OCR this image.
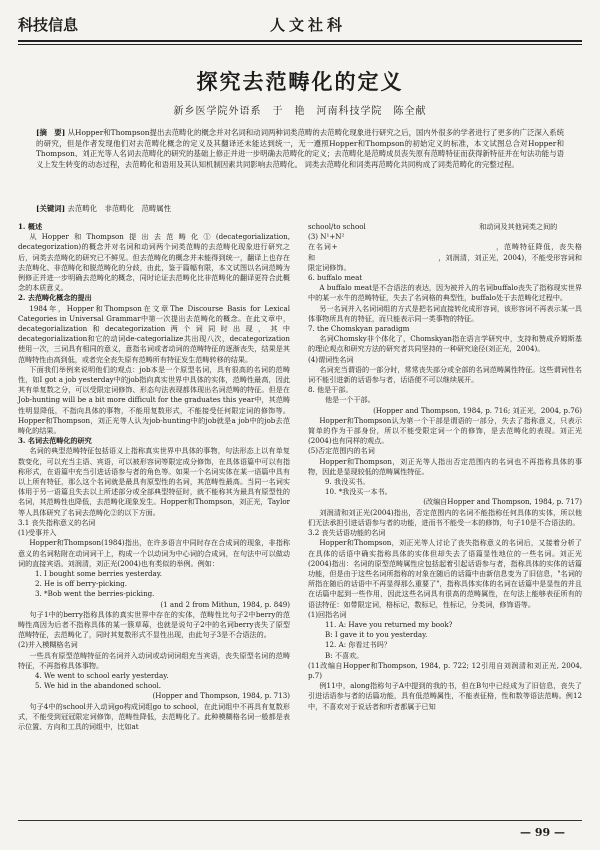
科技信息	人文社科
探究去范畴化的定义
新乡医学院外语系　于　艳　河南科技学院　陈全献
[摘　要] 从Hopper和Thompson提出去范畴化的概念并对名词和动词两种词类范畴的去范畴化现象进行研究之后，国内外很多的学者进行了更多的广泛深入系统的研究，但是作者发现他们对去范畴化概念的定义及其翻译还未能达到统一，无一遵照Hopper和Thompson的初始定义的标准，本文试图总合对Hopper和Thompson、刘正光等人名词去范畴化的研究的基础上修正并进一步明确去范畴化的定义；去范畴化是范畴成员丧失原有范畴特征而获得新特征并在句法功能与语义上发生转变的动态过程，去范畴化和语用及其认知机制因素共同影响去范畴化。 词类去范畴化和词类再范畴化共同构成了词类范畴化的完整过程。
[关键词] 去范畴化　非范畴化　范畴属性

1. 概述

从Hopper和Thompson提出去范畴化①(decategorialization, decategorization)的概念并对名词和动词两个词类范畴的去范畴化现象进行研究之后，词类去范畴化的研究已不鲜见。但去范畴化的概念并未能得到统一，翻译上也存在去范畴化、非范畴化和脱范畴化的分歧，由此，鉴于篇幅有限，本文试图以名词范畴为例修正并进一步明确去范畴化的概念，同时论证去范畴化比非范畴化的翻译更符合此概念的本质意义。

2. 去范畴化概念的提出

1984年，Hopper和Thompson在文章The Discourse Basis for Lexical Categories in Universal Grammar中第一次提出去范畴化的概念。在此文章中，decategorialization和decategorization两个词同时出现，其中decategorialization和它的动词de-categorialize共出现八次，decategorization使用一次，三词具有相同的意义，意指名词或者动词的范畴特征的逐渐丧失，结果是其范畴特性由高到低，或者完全丧失原有范畴所有特征发生范畴转移的结果。

下面我们举例来说明他们的观点：job本是一个原型名词，具有很高的名词的范畴性，如I got a job yesterday中的job指向真实世界中具体的实体，范畴性最高，因此其有单复数之分，可以受限定词修饰、形态句法表现都体现出名词范畴的特征。但是在Job-hunting will be a bit more difficult for the graduates this year中，其范畴性明显降低，不指向具体的事物，不能用复数形式，不能接受任何限定词的修饰等。Hopper和Thompson，刘正光等人认为job-hunting中的job就是a job中的job去范畴化的结果。

3. 名词去范畴化的研究

名词的典型范畴特征包括语义上指称真实世界中具体的事物，句法形态上以有单复数变化，可以充当主语、宾语，可以被形容词等限定成分修饰，在具体语篇中可以有指称形式，在语篇中充当引进话语参与者的角色等。如果一个名词实体在某一语篇中具有以上所有特征，那么这个名词就是最具有原型性的名词，其范畴性最高。当同一名词实体用于另一语篇且失去以上所述部分或全部典型特征时，就不能称其为最具有原型性的名词，其范畴性也降低，去范畴化现象发生。Hopper和Thompson，刘正光，Taylor等人具体研究了名词去范畴化②的以下方面。

3.1 丧失指称意义的名词

(1)受事并入

Hopper和Thompson(1984)指出，在许多语言中同时存在合成词的现象，非指称意义的名词粘附在动词词干上，构成一个以动词为中心词的合成词，在句法中可以做动词的直接宾语。刘润清，刘正光(2004)也有类似的举例。例如：

1. I bought some berries yesterday.

2. He is off berry-picking.

3. *Bob went the berries-picking.

(1 and 2 from Mithun, 1984, p. 849)

句子1中的berry指称具体的真实世界中存在的实体，范畴性比句子2中berry的范畴性高因为后者不指称具体的某一簇草莓，也就是说句子2中的名词berry丧失了原型范畴特征，去范畴化了，同时其复数形式不显性出现，由此句子3是不合语法的。

(2)并入模糊格名词

一些具有原型范畴特征的名词并入动词或动词词组充当宾语，丧失原型名词的范畴特征，不再指称具体事物。

4. We went to school early yesterday.

5. We hid in the abandoned school.

(Hopper and Thompson, 1984, p. 713)

句子4中的school并入动词go构成词组go to school，在此词组中不再具有复数形式，不能受到冠冠限定词修饰，范畴性降低，去范畴化了。此种模糊格名词一般都是表示位置、方向和工具的词组中，比如at

school/to school　　　　　　　　　　　　　　　　和动词及其他词类之间的

(3) N¹+N²

在名词+　　　　　　　　　　　　　　　　　　　　，范畴特征降低，丧失格和　　　　　　　　　　　　　　　　　，刘润清，刘正光，2004)，不能受形容词和限定词修饰。

6. buffalo meat

A buffalo meat是不合语法的表达，因为被并入的名词buffalo丧失了指称现实世界中的某一水牛的范畴特征，失去了名词格的典型性，buffalo处于去范畴化过程中。

另一名词并入名词词组的方式是把名词直接转化成形容词，该形容词不再表示某一具体事物所具有的特征，而只能表示同一类事物的特征。

7. the Chomskyan paradigm

名词Chomsky非个体化了，Chomskyan指在语言学研究中，支持和赞成乔姆斯基的理论观点和研究方法的研究者共同坚持的一种研究途径(刘正光，2004)。

(4)谓词性名词

名词充当谓语的一部分时，常常丧失部分或全部的名词范畴属性特征。这些谓词性名词不能引进新的话语参与者，话语便不可以继续展开。

8. 他是干部。

他是一个干部。

(Hopper and Thompson, 1984, p. 716; 刘正光，2004, p.76)

Hopper和Thompson认为第一个干部是谓语的一部分，失去了指称意义，只表示简单的作为干部身份，所以不能受限定词一个的修饰，是去范畴化的表现。刘正光(2004)也有同样的观点。

(5)否定范围内的名词

Hopper和Thompson，刘正光等人指出否定范围内的名词也不再指称具体的事物，因此是显现较低的范畴属性特征。

9. 我没买书。

10. *我没买一本书。

(改编自Hopper and Thompson, 1984, p. 717)

刘润清和刘正光(2004)指出，否定范围内的名词不能指称任何具体的实体，所以他们无法承担引进话语参与者的功能，进而书不能受一本的修饰，句子10是不合语法的。

3.2 丧失话语功能的名词

Hopper和Thompson，刘正光等人讨论了丧失指称意义的名词后，又接着分析了在具体的话语中确实指称具体的实体但却失去了语篇显性地位的一些名词。刘正光(2004)指出：名词的原型范畴属性应包括起着引起话语参与者，指称具体的实体的话篇功能，但是由于这些名词所指称的对象在随后的话篇中由新信息变为了旧信息，"名词的所指在随后的话语中不再显得那么重要了"，指称具体实体的名词在话篇中是显性的并且在话篇中起到一些作用，因此这些名词具有很高的范畴属性，在句法上能够表征所有的语法特征：如带限定词，格标记，数标记，性标记，分类词，修饰语等。

(1)回指名词

11. A: Have you returned my book?

B: I gave it to you yesterday.

12. A: 你看过书吗？

B: 不喜欢。

(11改编自Hopper和Thompson, 1984, p. 722; 12引用自刘润清和刘正光, 2004, p.7)

例11中，along指称句子A中提到的我的书，但在B句中已经成为了旧信息，丧失了引进话语参与者的话篇功能，具有低范畴属性，不能表征格，性和数等语法范畴。例12中，不喜欢对于说话者和听者都属于已知

— 99 —
